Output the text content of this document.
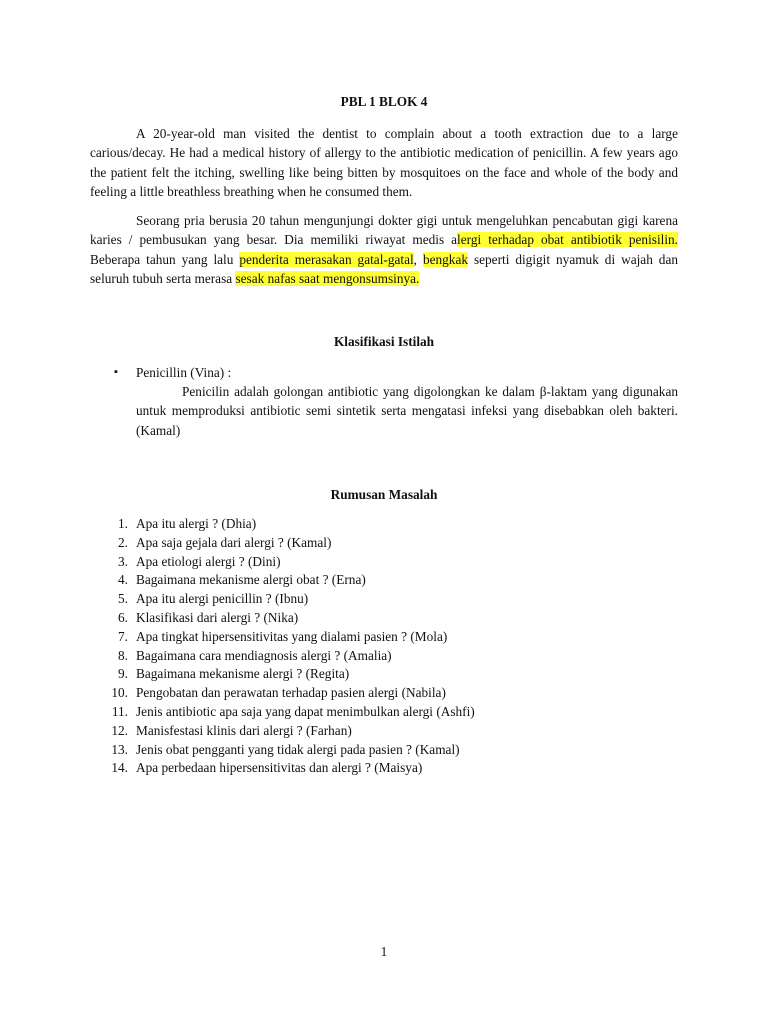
PBL 1 BLOK 4

A 20-year-old man visited the dentist to complain about a tooth extraction due to a large carious/decay. He had a medical history of allergy to the antibiotic medication of penicillin. A few years ago the patient felt the itching, swelling like being bitten by mosquitoes on the face and whole of the body and feeling a little breathless breathing when he consumed them.

Seorang pria berusia 20 tahun mengunjungi dokter gigi untuk mengeluhkan pencabutan gigi karena karies / pembusukan yang besar. Dia memiliki riwayat medis alergi terhadap obat antibiotik penisilin. Beberapa tahun yang lalu penderita merasakan gatal-gatal, bengkak seperti digigit nyamuk di wajah dan seluruh tubuh serta merasa sesak nafas saat mengonsumsinya.

Klasifikasi Istilah
▪ Penicillin (Vina) :

Penicilin adalah golongan antibiotic yang digolongkan ke dalam β-laktam yang digunakan untuk memproduksi antibiotic semi sintetik serta mengatasi infeksi yang disebabkan oleh bakteri. (Kamal)

Rumusan Masalah
1. Apa itu alergi ? (Dhia)
2. Apa saja gejala dari alergi ? (Kamal)
3. Apa etiologi alergi ? (Dini)
4. Bagaimana mekanisme alergi obat ? (Erna)
5. Apa itu alergi penicillin ? (Ibnu)
6. Klasifikasi dari alergi ? (Nika)
7. Apa tingkat hipersensitivitas yang dialami pasien ? (Mola)
8. Bagaimana cara mendiagnosis alergi ? (Amalia)
9. Bagaimana mekanisme alergi ? (Regita)
10. Pengobatan dan perawatan terhadap pasien alergi (Nabila)
11. Jenis antibiotic apa saja yang dapat menimbulkan alergi (Ashfi)
12. Manisfestasi klinis dari alergi ? (Farhan)
13. Jenis obat pengganti yang tidak alergi pada pasien ? (Kamal)
14. Apa perbedaan hipersensitivitas dan alergi ? (Maisya)
1
